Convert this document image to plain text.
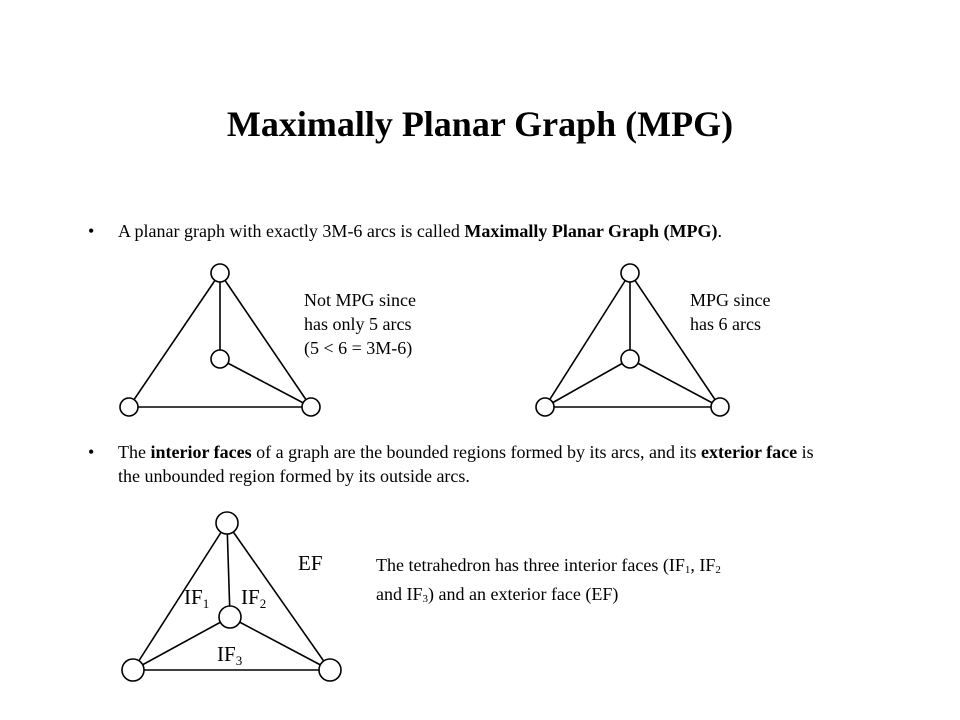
Maximally Planar Graph (MPG)
• A planar graph with exactly 3M-6 arcs is called Maximally Planar Graph (MPG).
• The interior faces of a graph are the bounded regions formed by its arcs, and its exterior face is the unbounded region formed by its outside arcs.
Not MPG since
has only 5 arcs
(5 < 6 = 3M-6)
MPG since
has 6 arcs
$IF_1$ $IF_2$
$IF_3$
EF	The tetrahedron has three interior faces ($IF_1$, $IF_2$
and $IF_3$) and an exterior face (EF)
